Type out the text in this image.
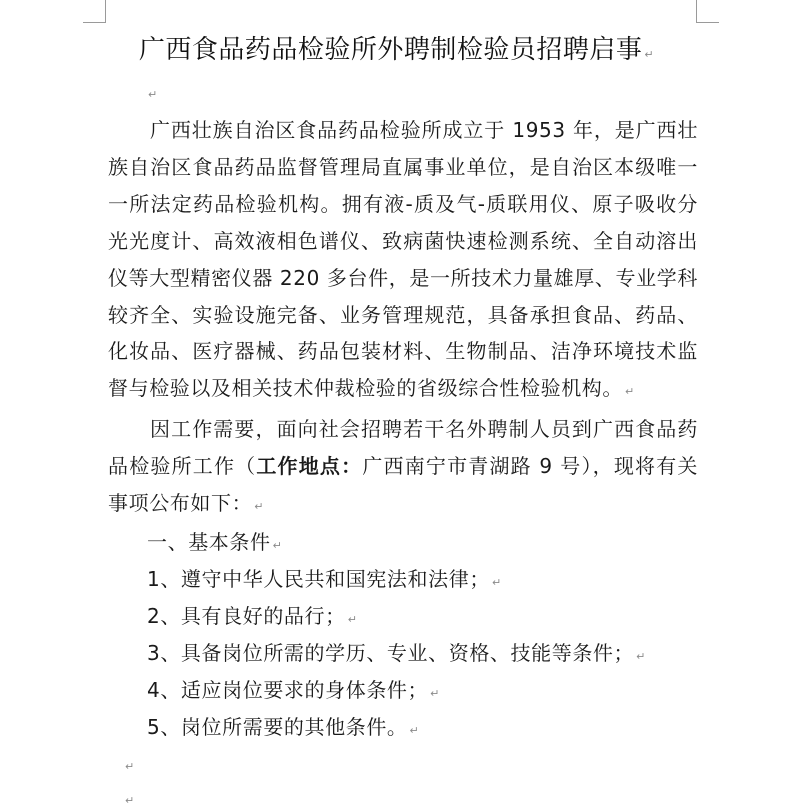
广西食品药品检验所外聘制检验员招聘启事 ↵
↵

广西壮族自治区食品药品检验所成立于 1953 年，是广西壮族自治区食品药品监督管理局直属事业单位，是自治区本级唯一一所法定药品检验机构。拥有液-质及气-质联用仪、原子吸收分光光度计、高效液相色谱仪、致病菌快速检测系统、全自动溶出仪等大型精密仪器 220 多台件，是一所技术力量雄厚、专业学科较齐全、实验设施完备、业务管理规范，具备承担食品、药品、化妆品、医疗器械、药品包装材料、生物制品、洁净环境技术监督与检验以及相关技术仲裁检验的省级综合性检验机构。 ↵

因工作需要，面向社会招聘若干名外聘制人员到广西食品药品检验所工作（工作地点：广西南宁市青湖路 9 号），现将有关事项公布如下： ↵

一、基本条件 ↵
1、遵守中华人民共和国宪法和法律； ↵
2、具有良好的品行； ↵
3、具备岗位所需的学历、专业、资格、技能等条件； ↵
4、适应岗位要求的身体条件； ↵
5、岗位所需要的其他条件。 ↵
↵
↵
